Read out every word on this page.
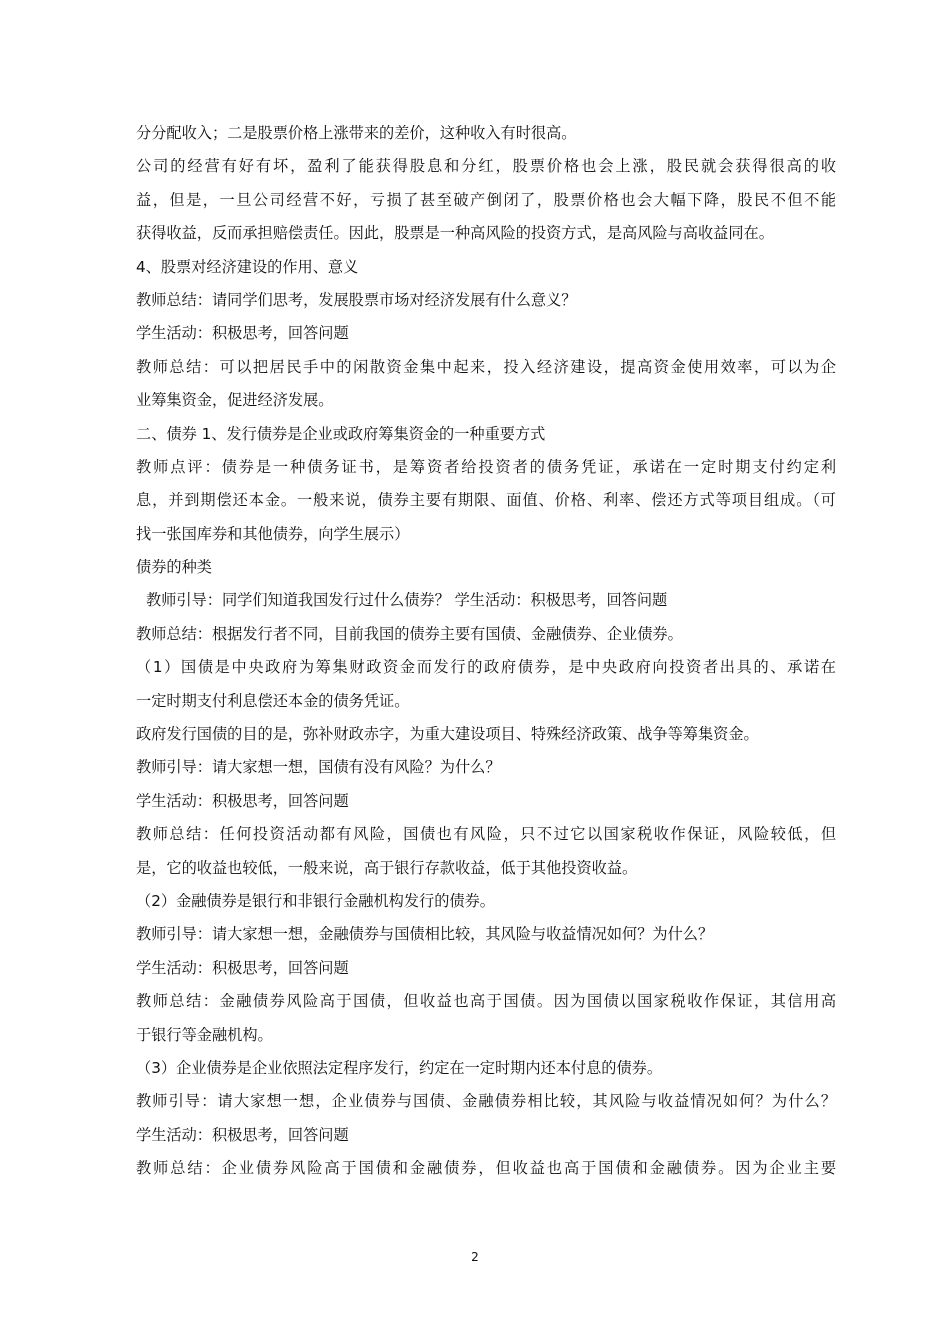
分分配收入；二是股票价格上涨带来的差价，这种收入有时很高。
公司的经营有好有坏，盈利了能获得股息和分红，股票价格也会上涨，股民就会获得很高的收
益，但是，一旦公司经营不好，亏损了甚至破产倒闭了，股票价格也会大幅下降，股民不但不能
获得收益，反而承担赔偿责任。因此，股票是一种高风险的投资方式，是高风险与高收益同在。
4、股票对经济建设的作用、意义
教师总结：请同学们思考，发展股票市场对经济发展有什么意义？
学生活动：积极思考，回答问题
教师总结：可以把居民手中的闲散资金集中起来，投入经济建设，提高资金使用效率，可以为企
业筹集资金，促进经济发展。
二、债券 1、发行债券是企业或政府筹集资金的一种重要方式
教师点评：债券是一种债务证书，是筹资者给投资者的债务凭证，承诺在一定时期支付约定利
息，并到期偿还本金。一般来说，债券主要有期限、面值、价格、利率、偿还方式等项目组成。（可
找一张国库券和其他债券，向学生展示）
债券的种类
教师引导：同学们知道我国发行过什么债券？ 学生活动：积极思考，回答问题
教师总结：根据发行者不同，目前我国的债券主要有国债、金融债券、企业债券。
（1）国债是中央政府为筹集财政资金而发行的政府债券，是中央政府向投资者出具的、承诺在
一定时期支付利息偿还本金的债务凭证。
政府发行国债的目的是，弥补财政赤字，为重大建设项目、特殊经济政策、战争等筹集资金。
教师引导：请大家想一想，国债有没有风险？为什么？
学生活动：积极思考，回答问题
教师总结：任何投资活动都有风险，国债也有风险，只不过它以国家税收作保证，风险较低，但
是，它的收益也较低，一般来说，高于银行存款收益，低于其他投资收益。
（2）金融债券是银行和非银行金融机构发行的债券。
教师引导：请大家想一想，金融债券与国债相比较，其风险与收益情况如何？为什么？
学生活动：积极思考，回答问题
教师总结：金融债券风险高于国债，但收益也高于国债。因为国债以国家税收作保证，其信用高
于银行等金融机构。
（3）企业债券是企业依照法定程序发行，约定在一定时期内还本付息的债券。
教师引导：请大家想一想，企业债券与国债、金融债券相比较，其风险与收益情况如何？为什么？
学生活动：积极思考，回答问题
教师总结：企业债券风险高于国债和金融债券，但收益也高于国债和金融债券。因为企业主要
2
